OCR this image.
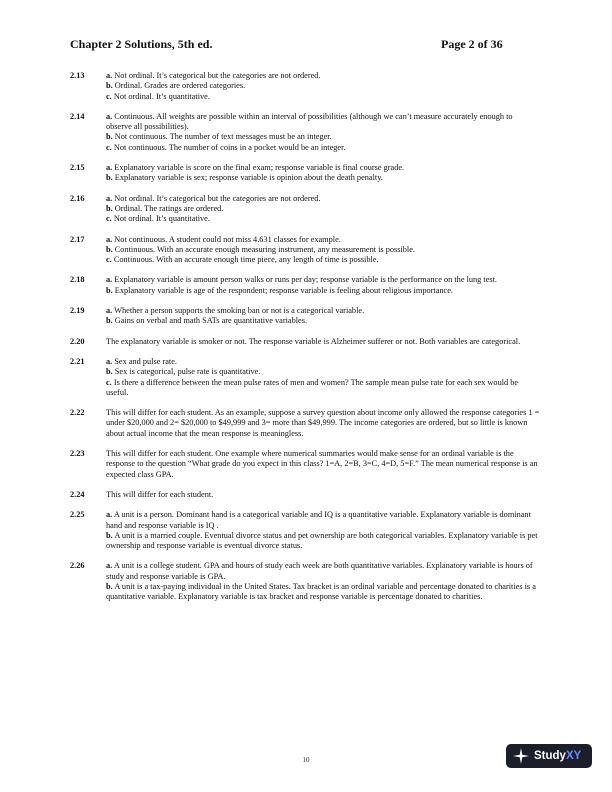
Chapter 2 Solutions, 5th ed.	Page 2 of 36
2.13	a. Not ordinal. It’s categorical but the categories are not ordered.
b. Ordinal. Grades are ordered categories.
c. Not ordinal. It’s quantitative.
2.14	a. Continuous. All weights are possible within an interval of possibilities (although we can’t measure accurately enough to observe all possibilities).
b. Not continuous. The number of text messages must be an integer.
c. Not continuous. The number of coins in a pocket would be an integer.
2.15	a. Explanatory variable is score on the final exam; response variable is final course grade.
b. Explanatory variable is sex; response variable is opinion about the death penalty.
2.16	a. Not ordinal. It’s categorical but the categories are not ordered.
b. Ordinal. The ratings are ordered.
c. Not ordinal. It’s quantitative.
2.17	a. Not continuous. A student could not miss 4.631 classes for example.
b. Continuous. With an accurate enough measuring instrument, any measurement is possible.
c. Continuous. With an accurate enough time piece, any length of time is possible.
2.18	a. Explanatory variable is amount person walks or runs per day; response variable is the performance on the lung test.
b. Explanatory variable is age of the respondent; response variable is feeling about religious importance.
2.19	a. Whether a person supports the smoking ban or not is a categorical variable.
b. Gains on verbal and math SATs are quantitative variables.
2.20	The explanatory variable is smoker or not. The response variable is Alzheimer sufferer or not. Both variables are categorical.
2.21	a. Sex and pulse rate.
b. Sex is categorical, pulse rate is quantitative.
c. Is there a difference between the mean pulse rates of men and women? The sample mean pulse rate for each sex would be useful.
2.22	This will differ for each student. As an example, suppose a survey question about income only allowed the response categories 1 = under $20,000 and 2= $20,000 to $49,999 and 3= more than $49,999. The income categories are ordered, but so little is known about actual income that the mean response is meaningless.
2.23	This will differ for each student. One example where numerical summaries would make sense for an ordinal variable is the response to the question “What grade do you expect in this class? 1=A, 2=B, 3=C, 4=D, 5=F.” The mean numerical response is an expected class GPA.
2.24	This will differ for each student.
2.25	a. A unit is a person. Dominant hand is a categorical variable and IQ is a quantitative variable. Explanatory variable is dominant hand and response variable is IQ .
b. A unit is a married couple. Eventual divorce status and pet ownership are both categorical variables. Explanatory variable is pet ownership and response variable is eventual divorce status.
2.26	a. A unit is a college student. GPA and hours of study each week are both quantitative variables. Explanatory variable is hours of study and response variable is GPA.
b. A unit is a tax-paying individual in the United States. Tax bracket is an ordinal variable and percentage donated to charities is a quantitative variable. Explanatory variable is tax bracket and response variable is percentage donated to charities.
10	Study XY
